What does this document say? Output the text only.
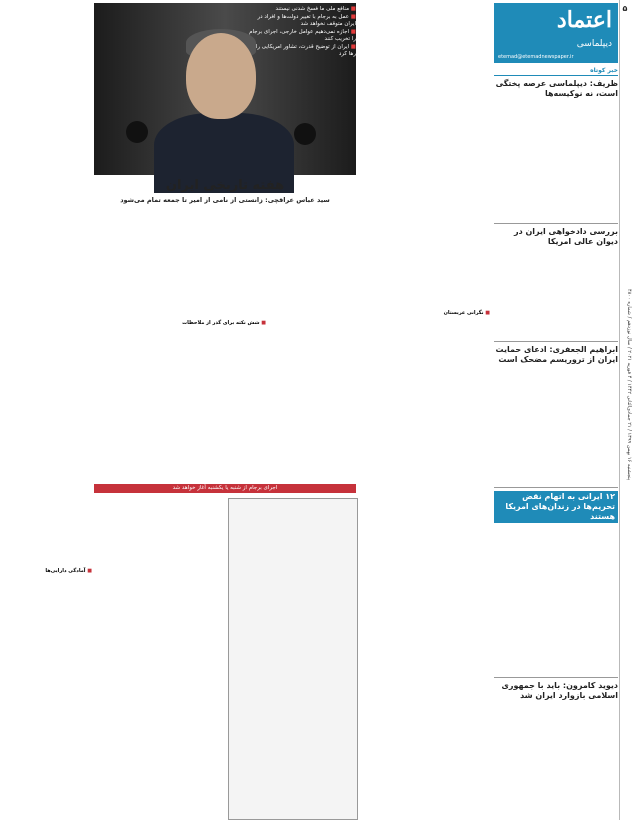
۵
پنجشنبه ۱۶ بهمن ۱۳۹۹ / ۲۱ جمادی‌الثانی ۱۴۴۲ / ۴ فوریه ۲۰۲۱ / سال نوزدهم / شماره ۴۸۰۰
اعتماد
دیپلماسی
etemad@etemadnewspaper.ir
خبر کوتاه
ظریف: دیپلماسی عرصه پختگی است، نه نوکیسه‌ها
بررسی دادخواهی ایران در دیوان عالی امریکا
ابراهیم الجعفری: ادعای حمایت ایران از تروریسم مضحک است
۱۲ ایرانی به اتهام نقض تحریم‌ها در زندان‌های امریکا هستند
دیوید کامرون: باید با جمهوری اسلامی بازوارد ایران شد
■ منافع ملی ما فسخ شدنی نیستند
■ عمل به برجام با تغییر دولت‌ها و افراد در ایران متوقف نخواهد شد
■ اجازه نمی‌دهیم عوامل خارجی، اجرای برجام را تخریب کنند
■ ایران از توضیح قدرت، تشاور امریکایی را رها کرد
هفته تاریخی ایران
سید عباس عراقچی: زانستی از نامی از امیر تا جمعه تمام می‌شود
■ آمادگی دارایی‌ها
■ نگرانی عربستان
■ شش نکته برای گذر از ملاحظات
اجرای برجام از شنبه یا یکشنبه آغاز خواهد شد
